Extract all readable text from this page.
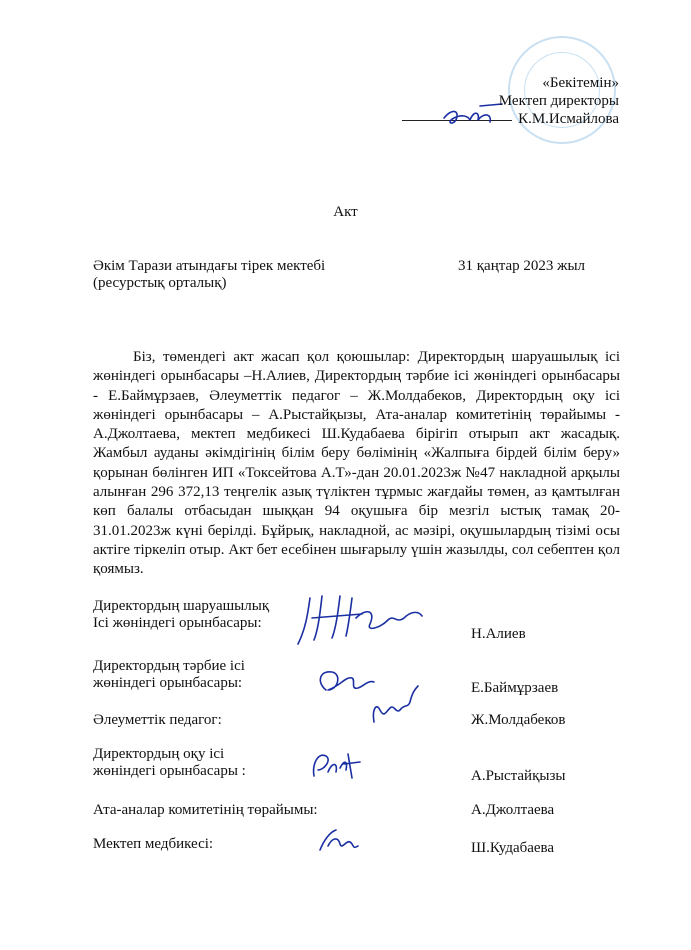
«Бекітемін»
Мектеп директоры
К.М.Исмайлова
Акт
Әкім Тарази атындағы тірек мектебі
(ресурстық орталық)
31 қаңтар 2023 жыл
Біз, төмендегі акт жасап қол қоюшылар: Директордың шаруашылық ісі жөніндегі орынбасары –Н.Алиев, Директордың тәрбие ісі жөніндегі орынбасары - Е.Баймұрзаев, Әлеуметтік педагог – Ж.Молдабеков, Директордың оқу ісі жөніндегі орынбасары – А.Рыстайқызы, Ата-аналар комитетінің төрайымы - А.Джолтаева, мектеп медбикесі Ш.Кудабаева бірігіп отырып акт жасадық. Жамбыл ауданы әкімдігінің білім беру бөлімінің «Жалпыға бірдей білім беру» қорынан бөлінген ИП «Токсейтова А.Т»-дан 20.01.2023ж №47 накладной арқылы алынған 296 372,13 теңгелік азық түліктен тұрмыс жағдайы төмен, аз қамтылған көп балалы отбасыдан шыққан 94 оқушыға бір мезгіл ыстық тамақ 20-31.01.2023ж күні берілді. Бұйрық, накладной, ас мәзірі, оқушылардың тізімі осы актіге тіркеліп отыр. Акт бет есебінен шығарылу үшін жазылды, сол себептен қол қоямыз.
Директордың шаруашылық
Ісі жөніндегі орынбасары:
Н.Алиев
Директордың тәрбие ісі
жөніндегі орынбасары:	Е.Баймұрзаев
Әлеуметтік педагог:	Ж.Молдабеков
Директордың оқу ісі
жөніндегі орынбасары :	А.Рыстайқызы
Ата-аналар комитетінің төрайымы:	А.Джолтаева
Мектеп медбикесі:	Ш.Кудабаева
